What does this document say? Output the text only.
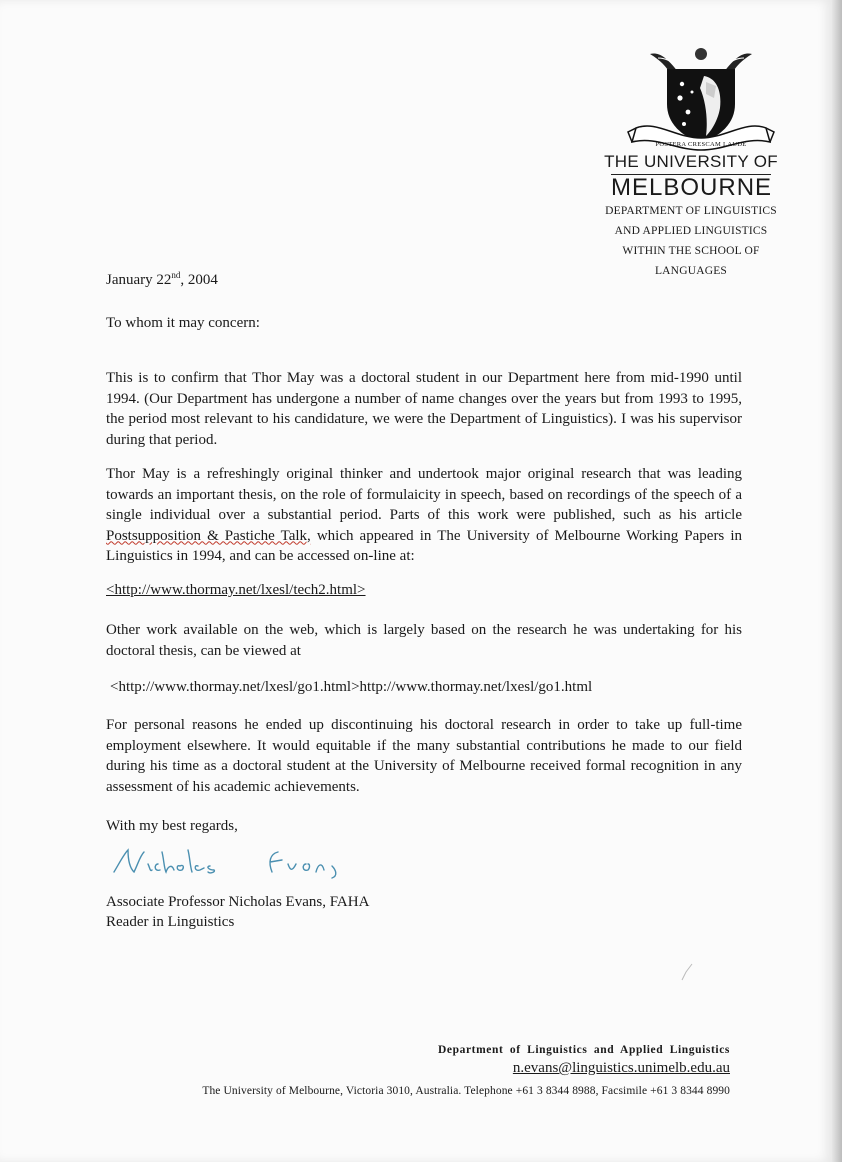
POSTERA CRESCAM LAUDE
THE UNIVERSITY OF
MELBOURNE
DEPARTMENT OF LINGUISTICS
AND APPLIED LINGUISTICS
WITHIN THE SCHOOL OF
LANGUAGES
January 22nd, 2004
To whom it may concern:
This is to confirm that Thor May was a doctoral student in our Department here from mid-1990 until 1994. (Our Department has undergone a number of name changes over the years but from 1993 to 1995, the period most relevant to his candidature, we were the Department of Linguistics). I was his supervisor during that period.
Thor May is a refreshingly original thinker and undertook major original research that was leading towards an important thesis, on the role of formulaicity in speech, based on recordings of the speech of a single individual over a substantial period. Parts of this work were published, such as his article Postsupposition & Pastiche Talk, which appeared in The University of Melbourne Working Papers in Linguistics in 1994, and can be accessed on-line at:
<http://www.thormay.net/lxesl/tech2.html>
Other work available on the web, which is largely based on the research he was undertaking for his doctoral thesis, can be viewed at
<http://www.thormay.net/lxesl/go1.html>http://www.thormay.net/lxesl/go1.html
For personal reasons he ended up discontinuing his doctoral research in order to take up full-time employment elsewhere. It would equitable if the many substantial contributions he made to our field during his time as a doctoral student at the University of Melbourne received formal recognition in any assessment of his academic achievements.
With my best regards,
Associate Professor Nicholas Evans, FAHA
Reader in Linguistics
Department of Linguistics and Applied Linguistics
n.evans@linguistics.unimelb.edu.au
The University of Melbourne, Victoria 3010, Australia. Telephone +61 3 8344 8988, Facsimile +61 3 8344 8990
